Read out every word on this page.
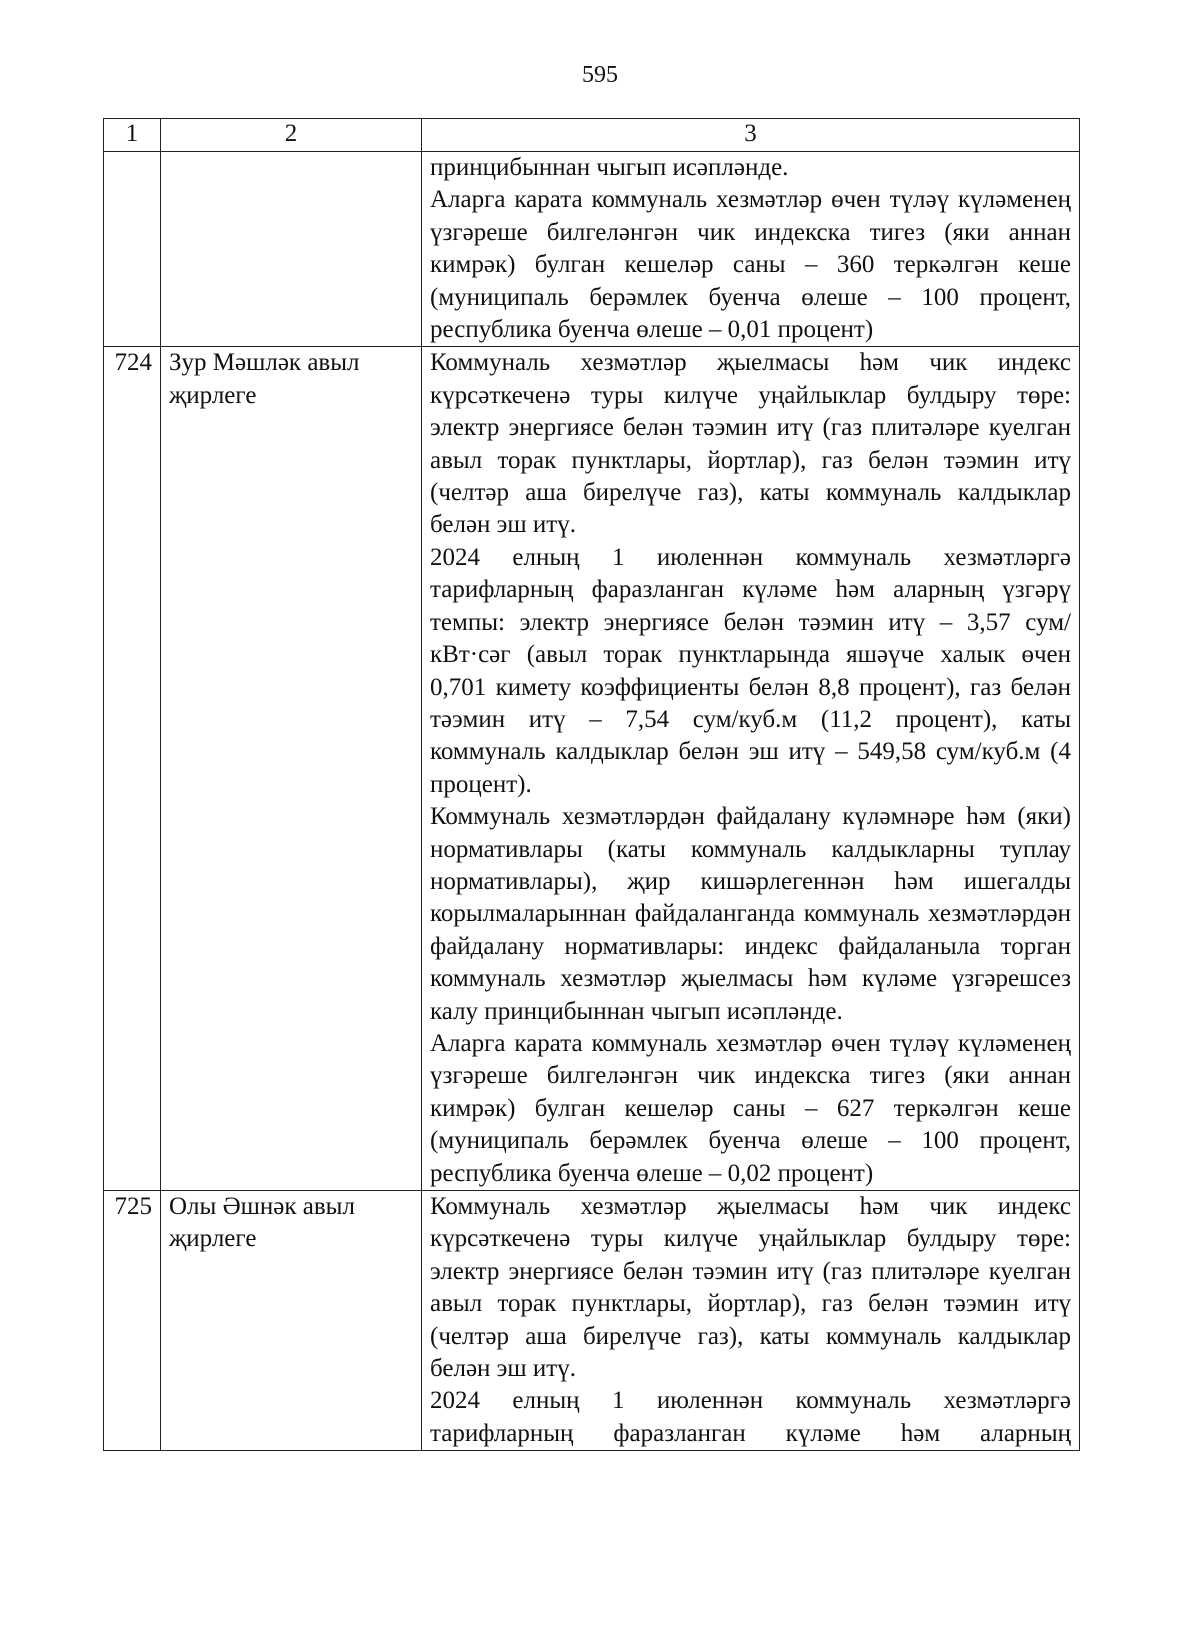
595
1	2	3

		принцибыннан чыгып исәпләнде.
Аларга карата коммуналь хезмәтләр өчен түләү күләменең үзгәреше билгеләнгән чик индекска тигез (яки аннан кимрәк) булган кешеләр саны – 360 теркәлгән кеше (муниципаль берәмлек буенча өлеше – 100 процент, республика буенча өлеше – 0,01 процент)

724	Зур Мәшләк авыл җирлеге	Коммуналь хезмәтләр җыелмасы һәм чик индекс күрсәткеченә туры килүче уңайлыклар булдыру төре: электр энергиясе белән тәэмин итү (газ плитәләре куелган авыл торак пунктлары, йортлар), газ белән тәэмин итү (челтәр аша бирелүче газ), каты коммуналь калдыклар белән эш итү.
2024 елның 1 июленнән коммуналь хезмәтләргә тарифларның фаразланган күләме һәм аларның үзгәрү темпы: электр энергиясе белән тәэмин итү – 3,57 сум/кВт·сәг (авыл торак пунктларында яшәүче халык өчен 0,701 кимету коэффициенты белән 8,8 процент), газ белән тәэмин итү – 7,54 сум/куб.м (11,2 процент), каты коммуналь калдыклар белән эш итү – 549,58 сум/куб.м (4 процент).
Коммуналь хезмәтләрдән файдалану күләмнәре һәм (яки) нормативлары (каты коммуналь калдыкларны туплау нормативлары), җир кишәрлегеннән һәм ишегалды корылмаларыннан файдаланганда коммуналь хезмәтләрдән файдалану нормативлары: индекс файдаланыла торган коммуналь хезмәтләр җыелмасы һәм күләме үзгәрешсез калу принцибыннан чыгып исәпләнде.
Аларга карата коммуналь хезмәтләр өчен түләү күләменең үзгәреше билгеләнгән чик индекска тигез (яки аннан кимрәк) булган кешеләр саны – 627 теркәлгән кеше (муниципаль берәмлек буенча өлеше – 100 процент, республика буенча өлеше – 0,02 процент)

725	Олы Әшнәк авыл җирлеге	Коммуналь хезмәтләр җыелмасы һәм чик индекс күрсәткеченә туры килүче уңайлыклар булдыру төре: электр энергиясе белән тәэмин итү (газ плитәләре куелган авыл торак пунктлары, йортлар), газ белән тәэмин итү (челтәр аша бирелүче газ), каты коммуналь калдыклар белән эш итү.
2024 елның 1 июленнән коммуналь хезмәтләргә тарифларның фаразланган күләме һәм аларның
